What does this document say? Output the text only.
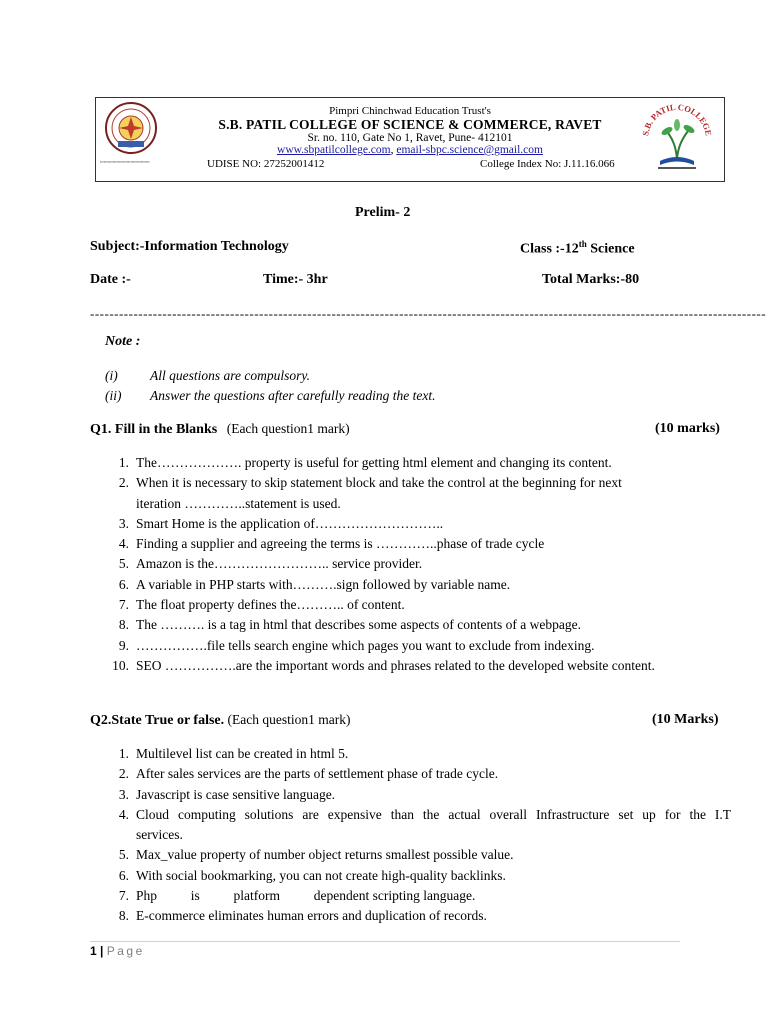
▪▪▪▪▪▪▪▪▪▪▪▪▪▪▪▪▪▪▪▪▪▪▪▪▪▪▪▪▪▪▪▪▪▪▪▪▪▪▪
Pimpri Chinchwad Education Trust's
S.B. PATIL COLLEGE OF SCIENCE & COMMERCE, RAVET
Sr. no. 110, Gate No 1, Ravet, Pune- 412101
www.sbpatilcollege.com, email-sbpc.science@gmail.com
UDISE NO: 27252001412	College Index No: J.11.16.066
S.B. PATIL COLLEGE
Prelim- 2
Subject:-Information Technology	Class :-12th Science
Date :-	Time:- 3hr	Total Marks:-80
--------------------------------------------------------------------------------------------------------------------------------------------
Note :
(i) All questions are compulsory.
(ii) Answer the questions after carefully reading the text.
Q1. Fill in the Blanks (Each question1 mark)	(10 marks)
1. The………………. property is useful for getting html element and changing its content.
2. When it is necessary to skip statement block and take the control at the beginning for next
iteration …………..statement is used.
3. Smart Home is the application of………………………..
4. Finding a supplier and agreeing the terms is …………..phase of trade cycle
5. Amazon is the…………………….. service provider.
6. A variable in PHP starts with……….sign followed by variable name.
7. The float property defines the……….. of content.
8. The ………. is a tag in html that describes some aspects of contents of a webpage.
9. …………….file tells search engine which pages you want to exclude from indexing.
10. SEO …………….are the important words and phrases related to the developed website content.
Q2.State True or false. (Each question1 mark)	(10 Marks)
1. Multilevel list can be created in html 5.
2. After sales services are the parts of settlement phase of trade cycle.
3. Javascript is case sensitive language.
4. Cloud computing solutions are expensive than the actual overall Infrastructure set up for the I.T
services.
5. Max_value property of number object returns smallest possible value.
6. With social bookmarking, you can not create high-quality backlinks.
7. Php          is          platform          dependent scripting language.
8. E-commerce eliminates human errors and duplication of records.
1 | Page
